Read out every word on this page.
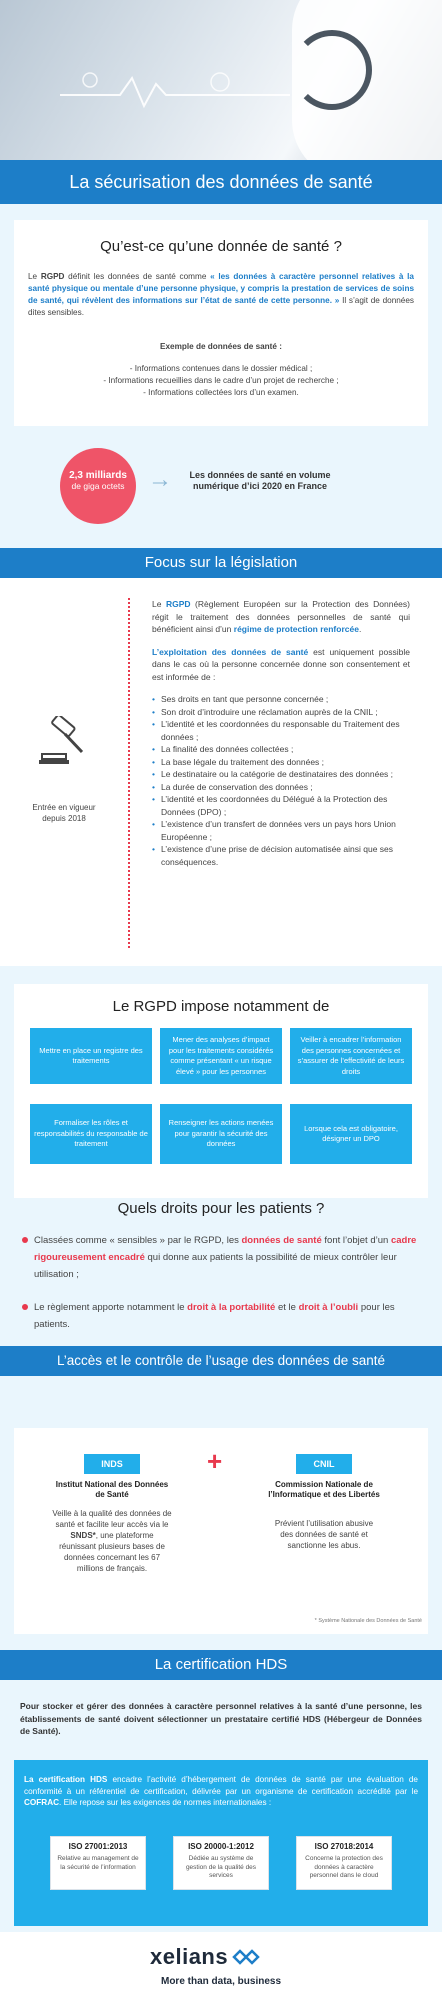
La sécurisation des données de santé
Qu’est-ce qu’une donnée de santé ?

Le RGPD définit les données de santé comme « les données à caractère personnel relatives à la santé physique ou mentale d’une personne physique, y compris la prestation de services de soins de santé, qui révèlent des informations sur l’état de santé de cette personne. » Il s’agit de données dites sensibles.

Exemple de données de santé :

- Informations contenues dans le dossier médical ;

- Informations recueillies dans le cadre d’un projet de recherche ;

- Informations collectées lors d’un examen.

2,3 milliards
de giga octets →	Les données de santé en volume numérique d’ici 2020 en France
Focus sur la législation
Entrée en vigueur
depuis 2018

Le RGPD (Règlement Européen sur la Protection des Données) régit le traitement des données personnelles de santé qui bénéficient ainsi d’un régime de protection renforcée.

L’exploitation des données de santé est uniquement possible dans le cas où la personne concernée donne son consentement et est informée de :

• Ses droits en tant que personne concernée ;
• Son droit d’introduire une réclamation auprès de la CNIL ;
• L’identité et les coordonnées du responsable du Traitement des données ;
• La finalité des données collectées ;
• La base légale du traitement des données ;
• Le destinataire ou la catégorie de destinataires des données ;
• La durée de conservation des données ;
• L’identité et les coordonnées du Délégué à la Protection des Données (DPO) ;
• L’existence d’un transfert de données vers un pays hors Union Européenne ;
• L’existence d’une prise de décision automatisée ainsi que ses conséquences.
Le RGPD impose notamment de
Mettre en place un registre des traitements
Mener des analyses d’impact pour les traitements considérés comme présentant « un risque élevé » pour les personnes
Veiller à encadrer l’information des personnes concernées et s’assurer de l’effectivité de leurs droits
Formaliser les rôles et responsabilités du responsable de traitement
Renseigner les actions menées pour garantir la sécurité des données
Lorsque cela est obligatoire, désigner un DPO
Quels droits pour les patients ?

Classées comme « sensibles » par le RGPD, les données de santé font l’objet d’un cadre rigoureusement encadré qui donne aux patients la possibilité de mieux contrôler leur utilisation ;

Le règlement apporte notamment le droit à la portabilité et le droit à l’oubli pour les patients.

L’accès et le contrôle de l’usage des données de santé
INDS
Institut National des Données de Santé

Veille à la qualité des données de santé et facilite leur accès via le SNDS*, une plateforme réunissant plusieurs bases de données concernant les 67 millions de français.

+	CNIL
Commission Nationale de l’Informatique et des Libertés

Prévient l’utilisation abusive des données de santé et sanctionne les abus.

* Système Nationale des Données de Santé
La certification HDS

Pour stocker et gérer des données à caractère personnel relatives à la santé d’une personne, les établissements de santé doivent sélectionner un prestataire certifié HDS (Hébergeur de Données de Santé).

La certification HDS encadre l’activité d’hébergement de données de santé par une évaluation de conformité à un référentiel de certification, délivrée par un organisme de certification accrédité par le COFRAC. Elle repose sur les exigences de normes internationales :

ISO 27001:2013
Relative au management de la sécurité de l’information
ISO 20000-1:2012
Dédiée au système de gestion de la qualité des services
ISO 27018:2014
Concerne la protection des données à caractère personnel dans le cloud
xelians
More than data, business
